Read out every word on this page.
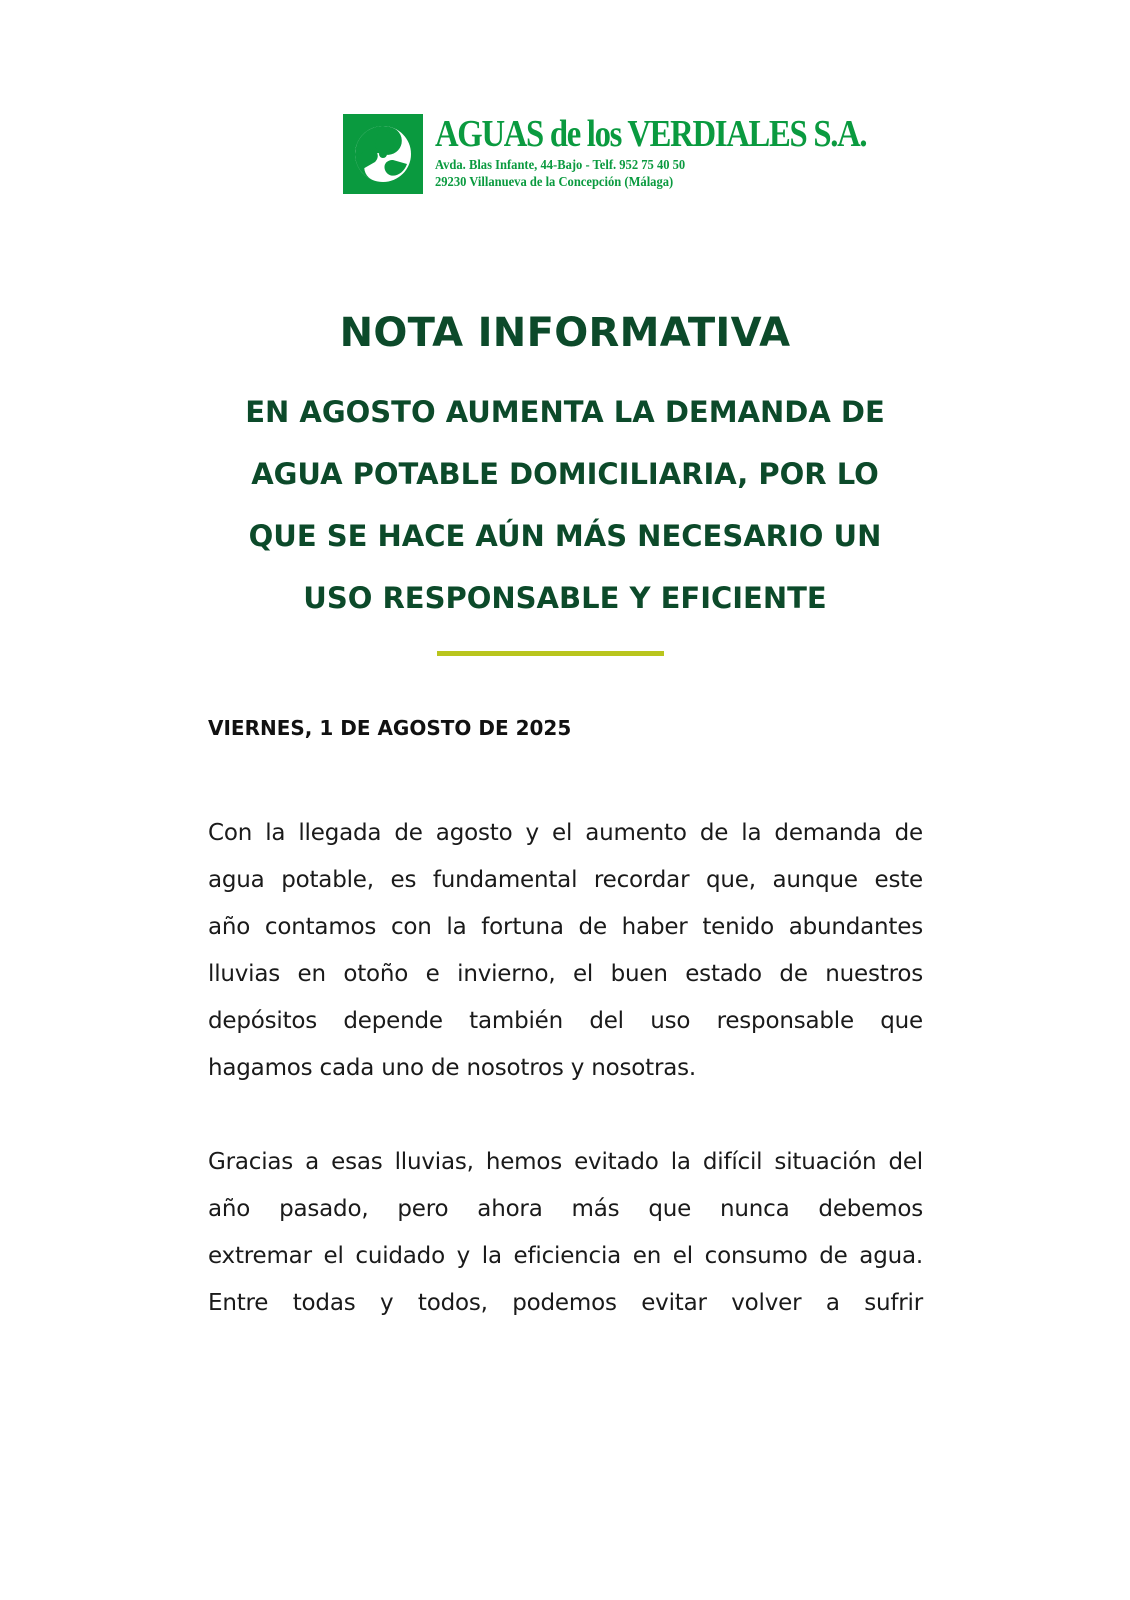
AGUAS de los VERDIALES S.A.
Avda. Blas Infante, 44-Bajo - Telf. 952 75 40 50
29230 Villanueva de la Concepción (Málaga)
NOTA INFORMATIVA
EN AGOSTO AUMENTA LA DEMANDA DE
AGUA POTABLE DOMICILIARIA, POR LO
QUE SE HACE AÚN MÁS NECESARIO UN
USO RESPONSABLE Y EFICIENTE

VIERNES, 1 DE AGOSTO DE 2025

Con la llegada de agosto y el aumento de la demanda de
agua potable, es fundamental recordar que, aunque este
año contamos con la fortuna de haber tenido abundantes
lluvias en otoño e invierno, el buen estado de nuestros
depósitos depende también del uso responsable que
hagamos cada uno de nosotros y nosotras.

Gracias a esas lluvias, hemos evitado la difícil situación del
año pasado, pero ahora más que nunca debemos
extremar el cuidado y la eficiencia en el consumo de agua.
Entre todas y todos, podemos evitar volver a sufrir
